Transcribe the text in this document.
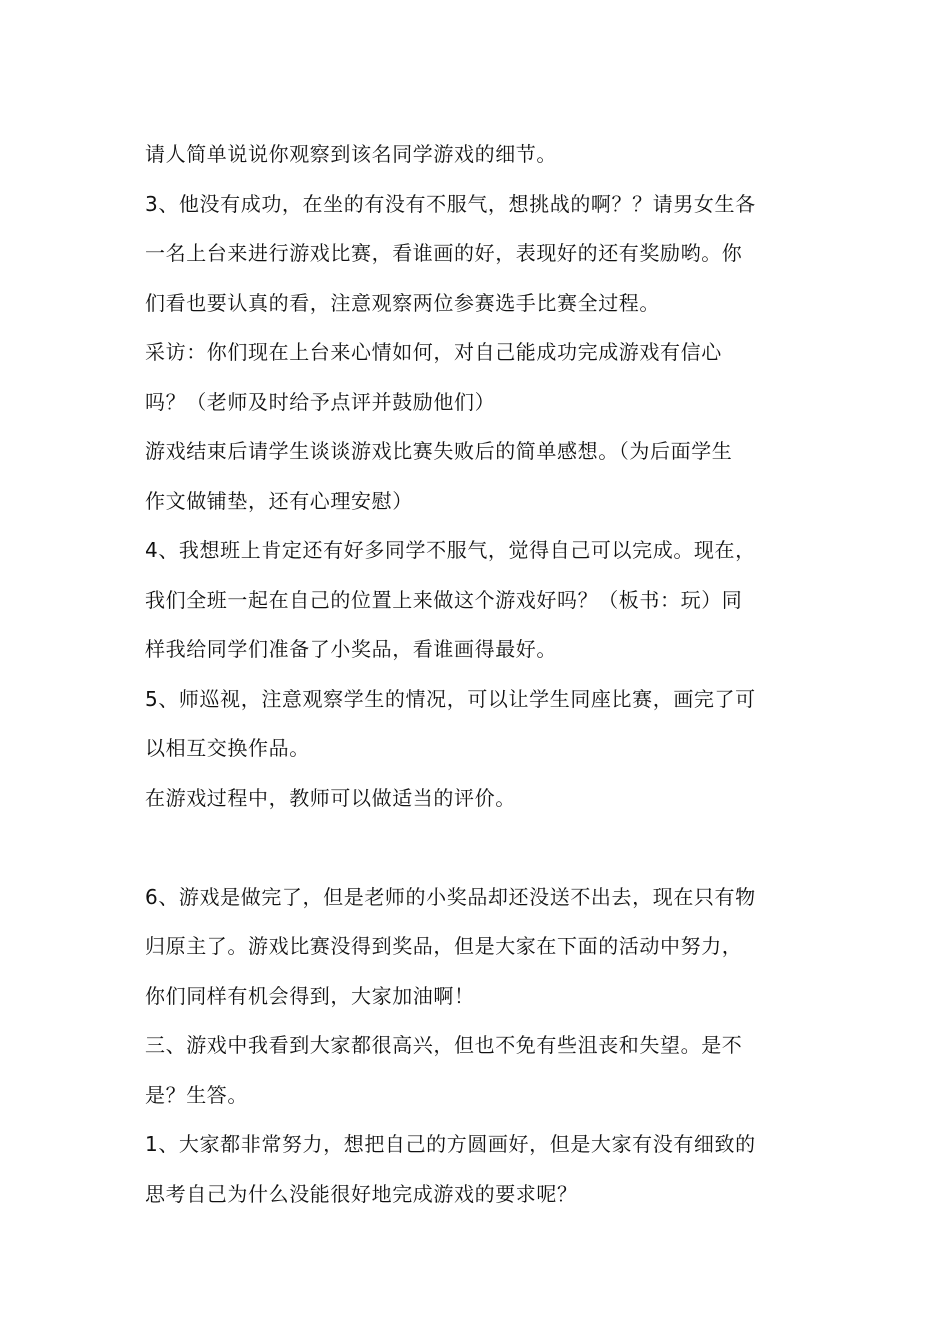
请人简单说说你观察到该名同学游戏的细节。
3、他没有成功，在坐的有没有不服气，想挑战的啊？？请男女生各
一名上台来进行游戏比赛，看谁画的好，表现好的还有奖励哟。你
们看也要认真的看，注意观察两位参赛选手比赛全过程。
采访：你们现在上台来心情如何，对自己能成功完成游戏有信心
吗？（老师及时给予点评并鼓励他们）
游戏结束后请学生谈谈游戏比赛失败后的简单感想。（为后面学生
作文做铺垫，还有心理安慰）
4、我想班上肯定还有好多同学不服气，觉得自己可以完成。现在，
我们全班一起在自己的位置上来做这个游戏好吗？（板书：玩）同
样我给同学们准备了小奖品，看谁画得最好。
5、师巡视，注意观察学生的情况，可以让学生同座比赛，画完了可
以相互交换作品。
在游戏过程中，教师可以做适当的评价。
6、游戏是做完了，但是老师的小奖品却还没送不出去，现在只有物
归原主了。游戏比赛没得到奖品，但是大家在下面的活动中努力，
你们同样有机会得到，大家加油啊！
三、游戏中我看到大家都很高兴，但也不免有些沮丧和失望。是不
是？生答。
1、大家都非常努力，想把自己的方圆画好，但是大家有没有细致的
思考自己为什么没能很好地完成游戏的要求呢？
